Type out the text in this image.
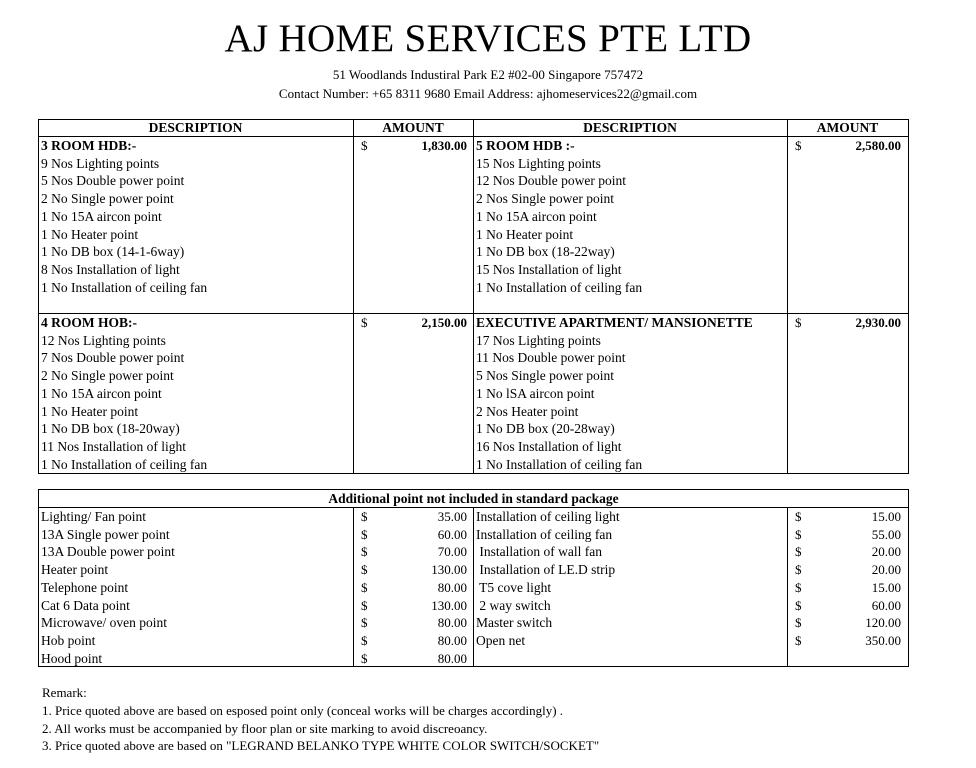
AJ HOME SERVICES PTE LTD
51 Woodlands Industiral Park E2 #02-00 Singapore 757472
Contact Number: +65 8311 9680 Email Address: ajhomeservices22@gmail.com
DESCRIPTION	AMOUNT	DESCRIPTION	AMOUNT
3 ROOM HDB:-	$	1,830.00
9 Nos Lighting points
5 Nos Double power point
2 No Single power point
1 No 15A aircon point
1 No Heater point
1 No DB box (14-1-6way)
8 Nos Installation of light
1 No Installation of ceiling fan
4 ROOM HOB:-	$	2,150.00
12 Nos Lighting points
7 Nos Double power point
2 No Single power point
1 No 15A aircon point
1 No Heater point
1 No DB box (18-20way)
11 Nos Installation of light
1 No Installation of ceiling fan
5 ROOM HDB :-	$	2,580.00
15 Nos Lighting points
12 Nos Double power point
2 Nos Single power point
1 No 15A aircon point
1 No Heater point
1 No DB box (18-22way)
15 Nos Installation of light
1 No Installation of ceiling fan
EXECUTIVE APARTMENT/ MANSIONETTE	$	2,930.00
17 Nos Lighting points
11 Nos Double power point
5 Nos Single power point
1 No lSA aircon point
2 Nos Heater point
1 No DB box (20-28way)
16 Nos Installation of light
1 No Installation of ceiling fan
Additional point not included in standard package
Lighting/ Fan point	$	35.00
13A Single power point	$	60.00
13A Double power point	$	70.00
Heater point	$	130.00
Telephone point	$	80.00
Cat 6 Data point	$	130.00
Microwave/ oven point	$	80.00
Hob point	$	80.00
Hood point	$	80.00
Installation of ceiling light	$	15.00
Installation of ceiling fan	$	55.00
Installation of wall fan	$	20.00
Installation of LE.D strip	$	20.00
T5 cove light	$	15.00
2 way switch	$	60.00
Master switch	$	120.00
Open net	$	350.00
Remark:
1. Price quoted above are based on esposed point only (conceal works will be charges accordingly) .
2. All works must be accompanied by floor plan or site marking to avoid discreoancy.
3. Price quoted above are based on "LEGRAND BELANKO TYPE WHITE COLOR SWITCH/SOCKET"
